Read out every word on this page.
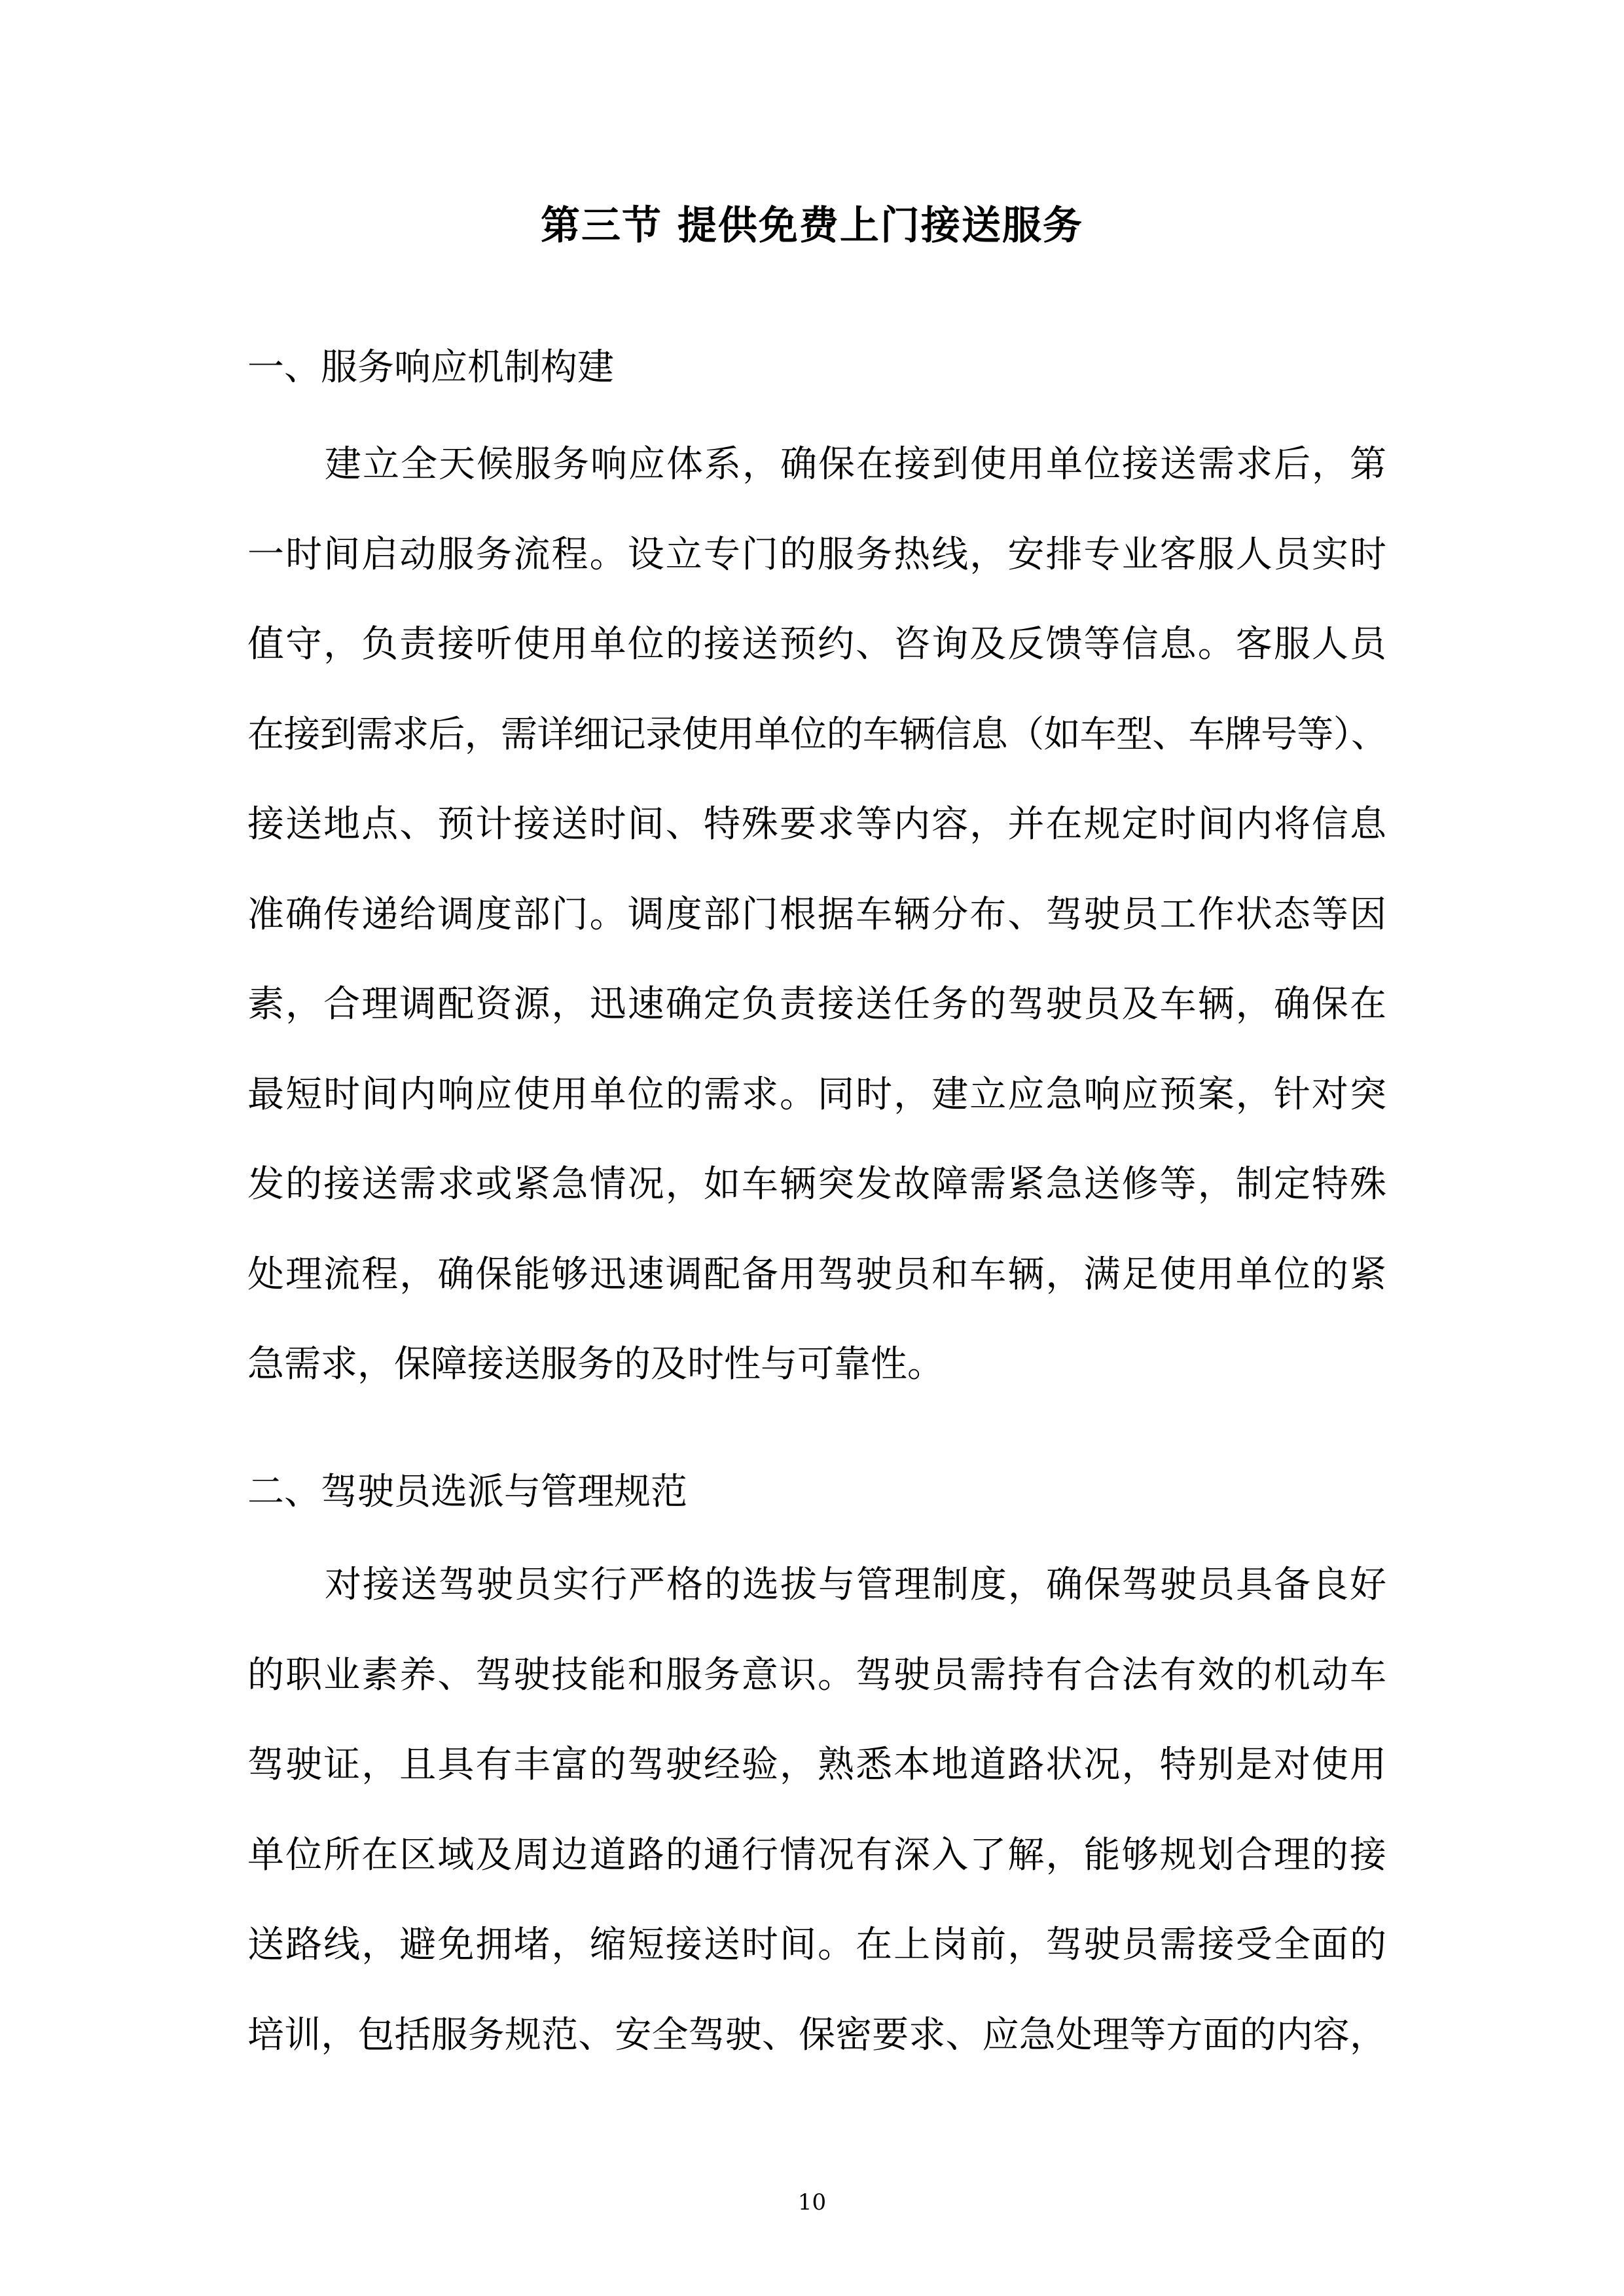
第三节 提供免费上门接送服务
一、服务响应机制构建
建立全天候服务响应体系，确保在接到使用单位接送需求后，第
一时间启动服务流程。设立专门的服务热线，安排专业客服人员实时
值守，负责接听使用单位的接送预约、咨询及反馈等信息。客服人员
在接到需求后，需详细记录使用单位的车辆信息（如车型、车牌号等）、
接送地点、预计接送时间、特殊要求等内容，并在规定时间内将信息
准确传递给调度部门。调度部门根据车辆分布、驾驶员工作状态等因
素，合理调配资源，迅速确定负责接送任务的驾驶员及车辆，确保在
最短时间内响应使用单位的需求。同时，建立应急响应预案，针对突
发的接送需求或紧急情况，如车辆突发故障需紧急送修等，制定特殊
处理流程，确保能够迅速调配备用驾驶员和车辆，满足使用单位的紧
急需求，保障接送服务的及时性与可靠性。
二、驾驶员选派与管理规范
对接送驾驶员实行严格的选拔与管理制度，确保驾驶员具备良好
的职业素养、驾驶技能和服务意识。驾驶员需持有合法有效的机动车
驾驶证，且具有丰富的驾驶经验，熟悉本地道路状况，特别是对使用
单位所在区域及周边道路的通行情况有深入了解，能够规划合理的接
送路线，避免拥堵，缩短接送时间。在上岗前，驾驶员需接受全面的
培训，包括服务规范、安全驾驶、保密要求、应急处理等方面的内容，
10
